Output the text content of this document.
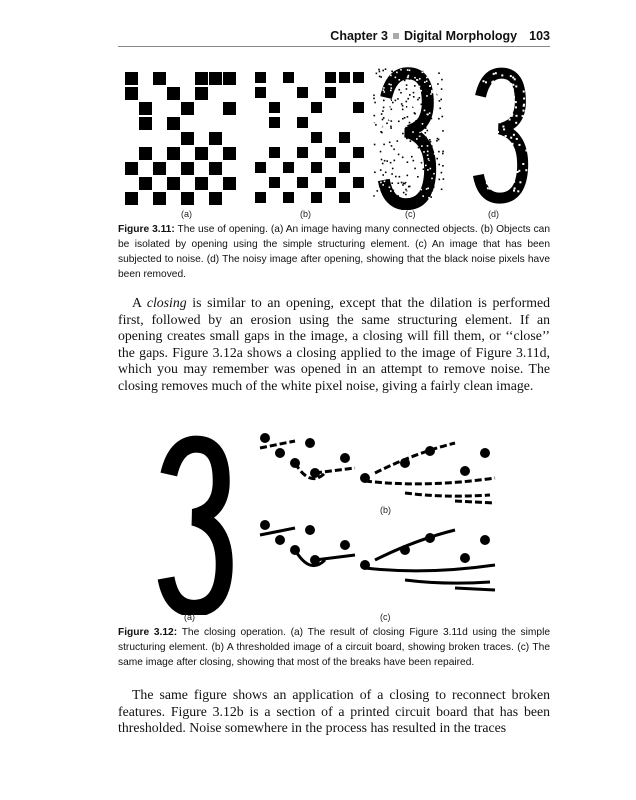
Chapter 3 Digital Morphology 103
(a)	(b)	(c)	(d)
Figure 3.11: The use of opening. (a) An image having many connected objects. (b) Objects can be isolated by opening using the simple structuring element. (c) An image that has been subjected to noise. (d) The noisy image after opening, showing that the black noise pixels have been removed.

A closing is similar to an opening, except that the dilation is performed first, followed by an erosion using the same structuring element. If an opening creates small gaps in the image, a closing will fill them, or ‘‘close’’ the gaps. Figure 3.12a shows a closing applied to the image of Figure 3.11d, which you may remember was opened in an attempt to remove noise. The closing removes much of the white pixel noise, giving a fairly clean image.

(b)
(a)	(c)
Figure 3.12: The closing operation. (a) The result of closing Figure 3.11d using the simple structuring element. (b) A thresholded image of a circuit board, showing broken traces. (c) The same image after closing, showing that most of the breaks have been repaired.

The same figure shows an application of a closing to reconnect broken features. Figure 3.12b is a section of a printed circuit board that has been thresholded. Noise somewhere in the process has resulted in the traces
